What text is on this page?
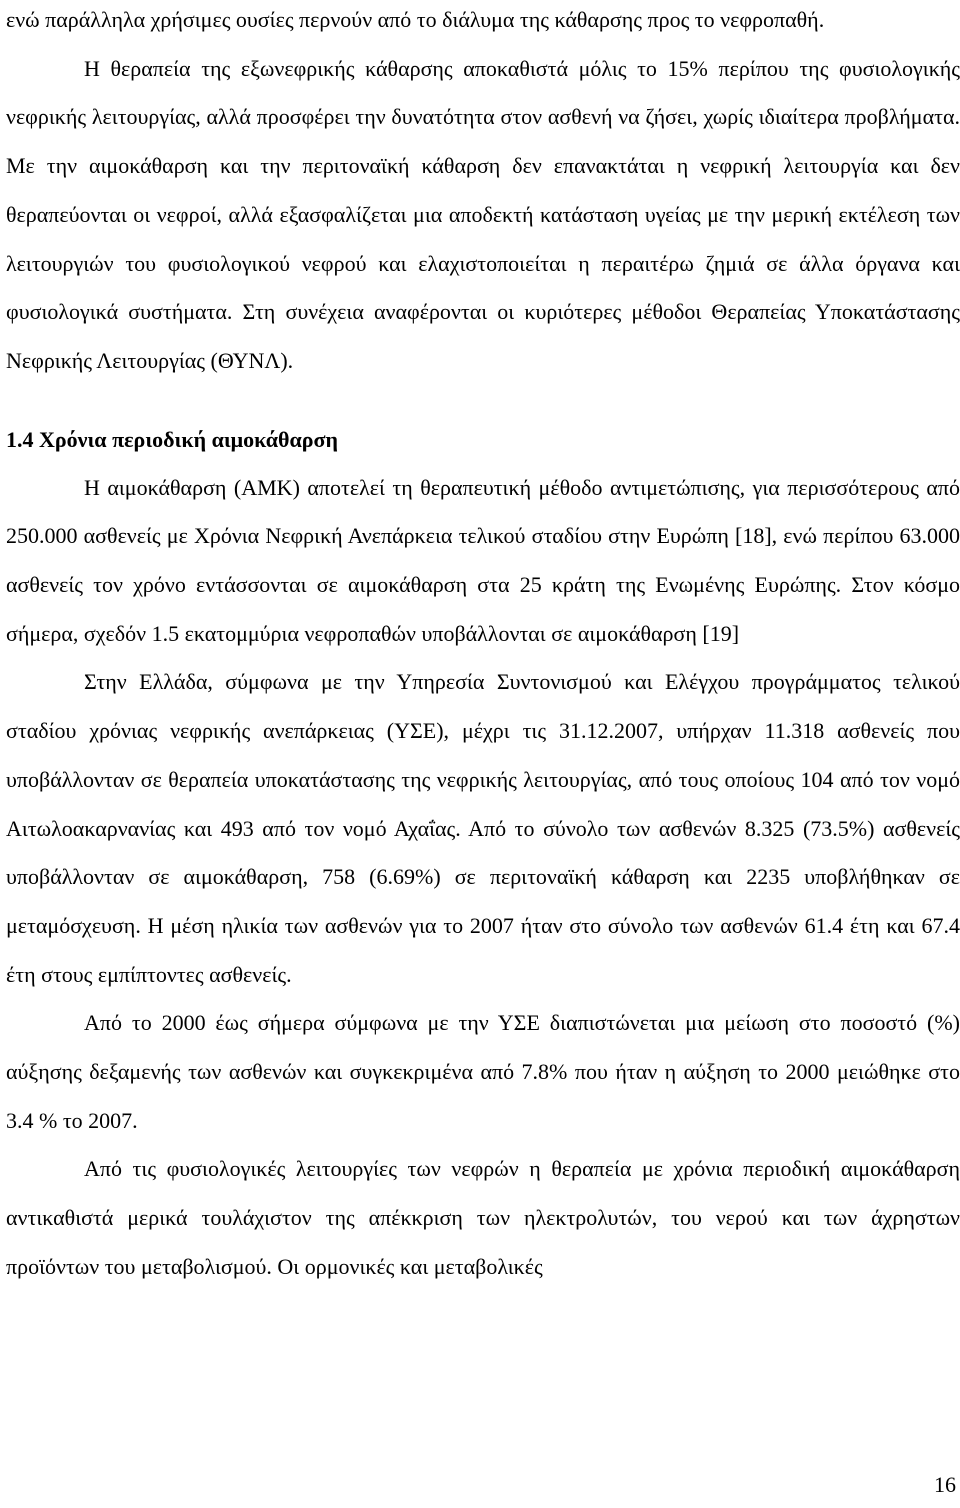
ενώ παράλληλα χρήσιμες ουσίες περνούν από το διάλυμα της κάθαρσης προς το νεφροπαθή.

Η θεραπεία της εξωνεφρικής κάθαρσης αποκαθιστά μόλις το 15% περίπου της φυσιολογικής νεφρικής λειτουργίας, αλλά προσφέρει την δυνατότητα στον ασθενή να ζήσει, χωρίς ιδιαίτερα προβλήματα. Με την αιμοκάθαρση και την περιτοναϊκή κάθαρση δεν επανακτάται η νεφρική λειτουργία και δεν θεραπεύονται οι νεφροί, αλλά εξασφαλίζεται μια αποδεκτή κατάσταση υγείας με την μερική εκτέλεση των λειτουργιών του φυσιολογικού νεφρού και ελαχιστοποιείται η περαιτέρω ζημιά σε άλλα όργανα και φυσιολογικά συστήματα. Στη συνέχεια αναφέρονται οι κυριότερες μέθοδοι Θεραπείας Υποκατάστασης Νεφρικής Λειτουργίας (ΘΥΝΛ).

1.4 Χρόνια περιοδική αιμοκάθαρση

Η αιμοκάθαρση (ΑΜΚ) αποτελεί τη θεραπευτική μέθοδο αντιμετώπισης, για περισσότερους από 250.000 ασθενείς με Χρόνια Νεφρική Ανεπάρκεια τελικού σταδίου στην Ευρώπη [18], ενώ περίπου 63.000 ασθενείς τον χρόνο εντάσσονται σε αιμοκάθαρση στα 25 κράτη της Ενωμένης Ευρώπης. Στον κόσμο σήμερα, σχεδόν 1.5 εκατομμύρια νεφροπαθών υποβάλλονται σε αιμοκάθαρση [19]

Στην Ελλάδα, σύμφωνα με την Υπηρεσία Συντονισμού και Ελέγχου προγράμματος τελικού σταδίου χρόνιας νεφρικής ανεπάρκειας (ΥΣΕ), μέχρι τις 31.12.2007, υπήρχαν 11.318 ασθενείς που υποβάλλονταν σε θεραπεία υποκατάστασης της νεφρικής λειτουργίας, από τους οποίους 104 από τον νομό Αιτωλοακαρνανίας και 493 από τον νομό Αχαΐας. Από το σύνολο των ασθενών 8.325 (73.5%) ασθενείς υποβάλλονταν σε αιμοκάθαρση, 758 (6.69%) σε περιτοναϊκή κάθαρση και 2235 υποβλήθηκαν σε μεταμόσχευση. Η μέση ηλικία των ασθενών για το 2007 ήταν στο σύνολο των ασθενών 61.4 έτη και 67.4 έτη στους εμπίπτοντες ασθενείς.

Από το 2000 έως σήμερα σύμφωνα με την ΥΣΕ διαπιστώνεται μια μείωση στο ποσοστό (%) αύξησης δεξαμενής των ασθενών και συγκεκριμένα από 7.8% που ήταν η αύξηση το 2000 μειώθηκε στο 3.4 % το 2007.

Από τις φυσιολογικές λειτουργίες των νεφρών η θεραπεία με χρόνια περιοδική αιμοκάθαρση αντικαθιστά μερικά τουλάχιστον της απέκκριση των ηλεκτρολυτών, του νερού και των άχρηστων προϊόντων του μεταβολισμού. Οι ορμονικές και μεταβολικές

16
